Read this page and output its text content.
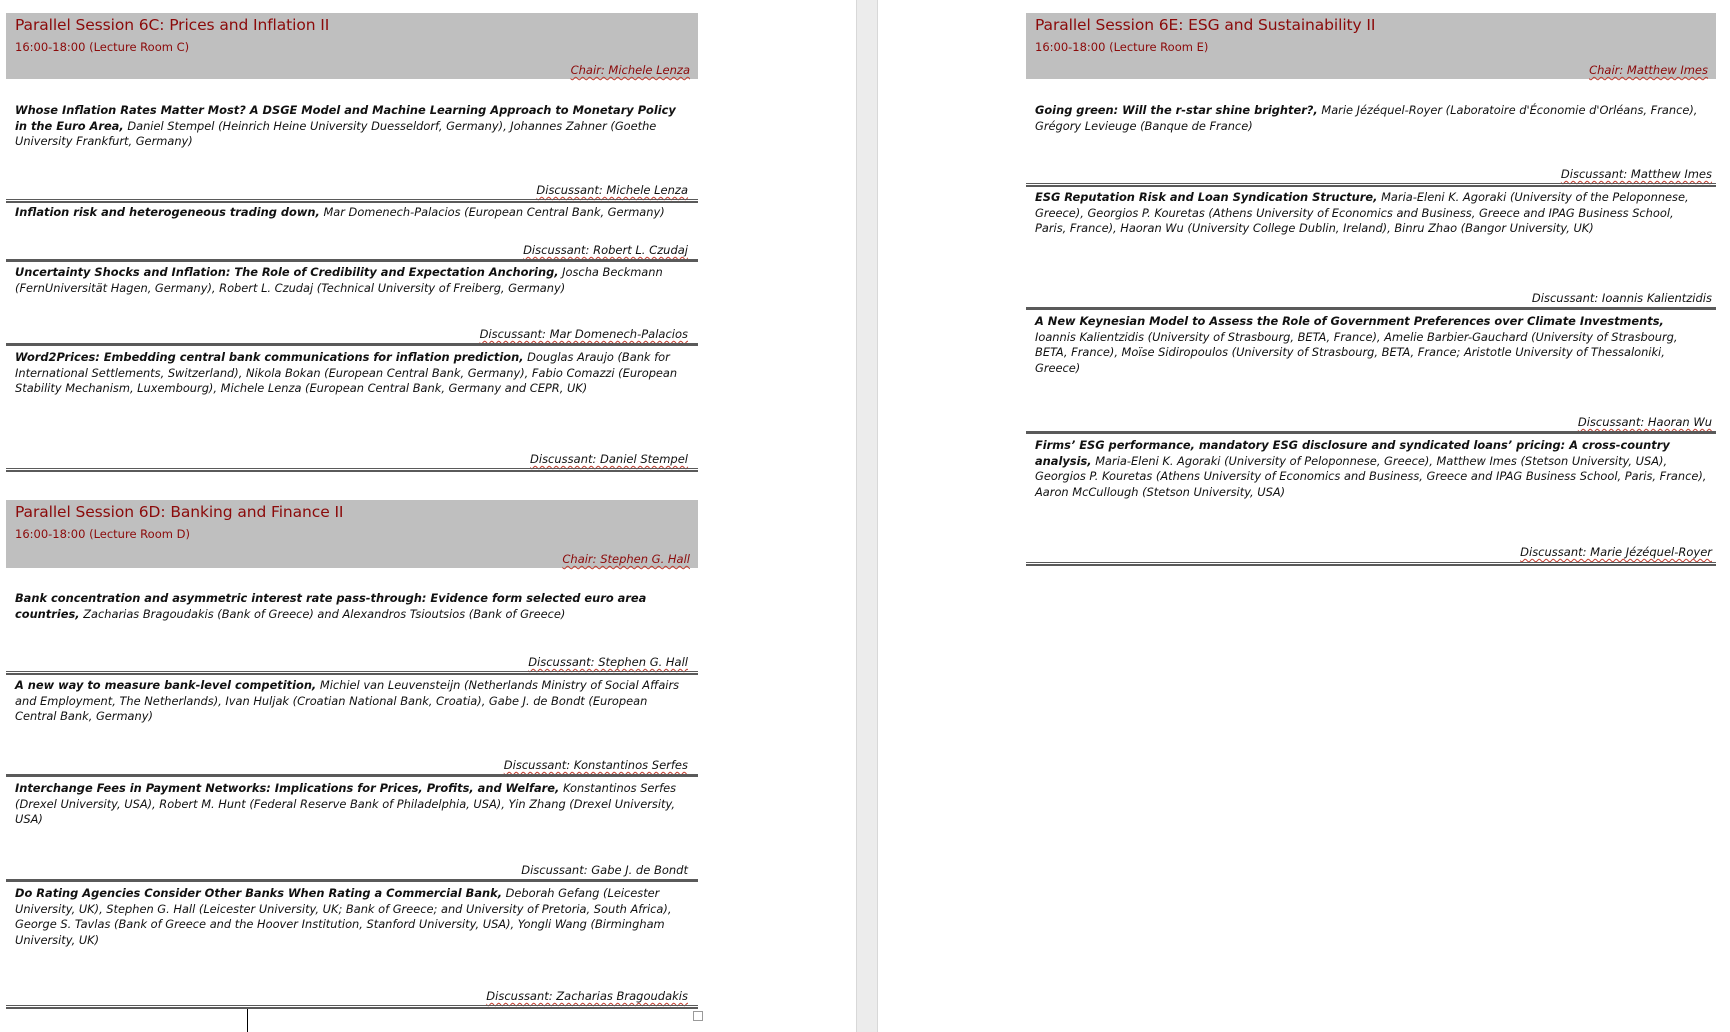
Parallel Session 6C: Prices and Inflation II
16:00-18:00 (Lecture Room C)
Chair: Michele Lenza
Whose Inflation Rates Matter Most? A DSGE Model and Machine Learning Approach to Monetary Policy in the Euro Area, Daniel Stempel (Heinrich Heine University Duesseldorf, Germany), Johannes Zahner (Goethe University Frankfurt, Germany)
Discussant: Michele Lenza
Inflation risk and heterogeneous trading down, Mar Domenech-Palacios (European Central Bank, Germany)
Discussant: Robert L. Czudaj
Uncertainty Shocks and Inflation: The Role of Credibility and Expectation Anchoring, Joscha Beckmann (FernUniversität Hagen, Germany), Robert L. Czudaj (Technical University of Freiberg, Germany)
Discussant: Mar Domenech-Palacios
Word2Prices: Embedding central bank communications for inflation prediction, Douglas Araujo (Bank for International Settlements, Switzerland), Nikola Bokan (European Central Bank, Germany), Fabio Comazzi (European Stability Mechanism, Luxembourg), Michele Lenza (European Central Bank, Germany and CEPR, UK)
Discussant: Daniel Stempel
Parallel Session 6D: Banking and Finance II
16:00-18:00 (Lecture Room D)
Chair: Stephen G. Hall
Bank concentration and asymmetric interest rate pass-through: Evidence form selected euro area countries, Zacharias Bragoudakis (Bank of Greece) and Alexandros Tsioutsios (Bank of Greece)
Discussant: Stephen G. Hall
A new way to measure bank-level competition, Michiel van Leuvensteijn (Netherlands Ministry of Social Affairs and Employment, The Netherlands), Ivan Huljak (Croatian National Bank, Croatia), Gabe J. de Bondt (European Central Bank, Germany)
Discussant: Konstantinos Serfes
Interchange Fees in Payment Networks: Implications for Prices, Profits, and Welfare, Konstantinos Serfes (Drexel University, USA), Robert M. Hunt (Federal Reserve Bank of Philadelphia, USA), Yin Zhang (Drexel University, USA)
Discussant: Gabe J. de Bondt
Do Rating Agencies Consider Other Banks When Rating a Commercial Bank, Deborah Gefang (Leicester University, UK), Stephen G. Hall (Leicester University, UK; Bank of Greece; and University of Pretoria, South Africa), George S. Tavlas (Bank of Greece and the Hoover Institution, Stanford University, USA), Yongli Wang (Birmingham University, UK)
Discussant: Zacharias Bragoudakis
Parallel Session 6E: ESG and Sustainability II
16:00-18:00 (Lecture Room E)
Chair: Matthew Imes
Going green: Will the r-star shine brighter?, Marie Jézéquel-Royer (Laboratoire d'Économie d'Orléans, France), Grégory Levieuge (Banque de France)
Discussant: Matthew Imes
ESG Reputation Risk and Loan Syndication Structure, Maria-Eleni K. Agoraki (University of the Peloponnese, Greece), Georgios P. Kouretas (Athens University of Economics and Business, Greece and IPAG Business School, Paris, France), Haoran Wu (University College Dublin, Ireland), Binru Zhao (Bangor University, UK)
Discussant: Ioannis Kalientzidis
A New Keynesian Model to Assess the Role of Government Preferences over Climate Investments, Ioannis Kalientzidis (University of Strasbourg, BETA, France), Amelie Barbier-Gauchard (University of Strasbourg, BETA, France), Moïse Sidiropoulos (University of Strasbourg, BETA, France; Aristotle University of Thessaloniki, Greece)
Discussant: Haoran Wu
Firms’ ESG performance, mandatory ESG disclosure and syndicated loans’ pricing: A cross-country analysis, Maria-Eleni K. Agoraki (University of Peloponnese, Greece), Matthew Imes (Stetson University, USA), Georgios P. Kouretas (Athens University of Economics and Business, Greece and IPAG Business School, Paris, France), Aaron McCullough (Stetson University, USA)
Discussant: Marie Jézéquel-Royer
